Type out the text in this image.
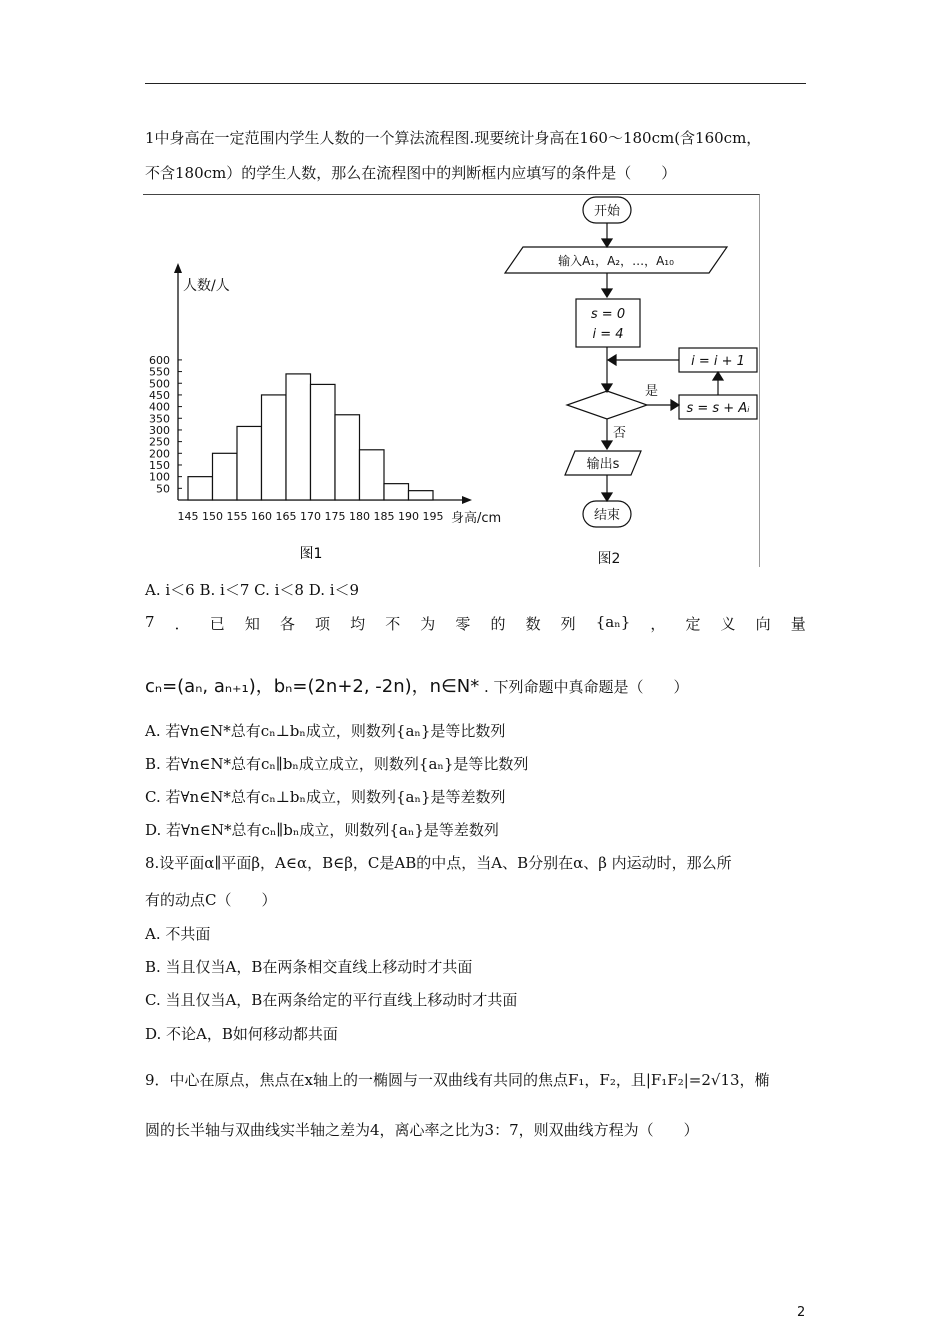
1中身高在一定范围内学生人数的一个算法流程图.现要统计身高在160～180cm(含160cm，
不含180cm）的学生人数，那么在流程图中的判断框内应填写的条件是（　　）
50
100
150
200
250
300
350
400
450
500
550
600
145 150 155 160 165 170 175 180 185 190 195
人数/人
身高/cm
图1
开始
输入A₁，A₂，…，A₁₀
s = 0
i = 4
i = i + 1
s = s + Aᵢ
是
否
输出s
结束
图2
A. i＜6 B. i＜7 C. i＜8 D. i＜9
7 ． 已 知 各 项 均 不 为 零 的 数 列 {aₙ} ， 定 义 向 量
cₙ=(aₙ, aₙ₊₁)，bₙ=(2n+2, -2n)，n∈N* . 下列命题中真命题是（　　）
A. 若∀n∈N*总有cₙ⊥bₙ成立，则数列{aₙ}是等比数列
B. 若∀n∈N*总有cₙ∥bₙ成立成立，则数列{aₙ}是等比数列
C. 若∀n∈N*总有cₙ⊥bₙ成立，则数列{aₙ}是等差数列
D. 若∀n∈N*总有cₙ∥bₙ成立，则数列{aₙ}是等差数列
8.设平面α∥平面β，A∈α，B∈β，C是AB的中点，当A、B分别在α、β 内运动时，那么所
有的动点C（　　）
A. 不共面
B. 当且仅当A，B在两条相交直线上移动时才共面
C. 当且仅当A，B在两条给定的平行直线上移动时才共面
D. 不论A，B如何移动都共面
9．中心在原点，焦点在x轴上的一椭圆与一双曲线有共同的焦点F₁，F₂，且|F₁F₂|=2√13，椭
圆的长半轴与双曲线实半轴之差为4，离心率之比为3：7，则双曲线方程为（　　）
2
